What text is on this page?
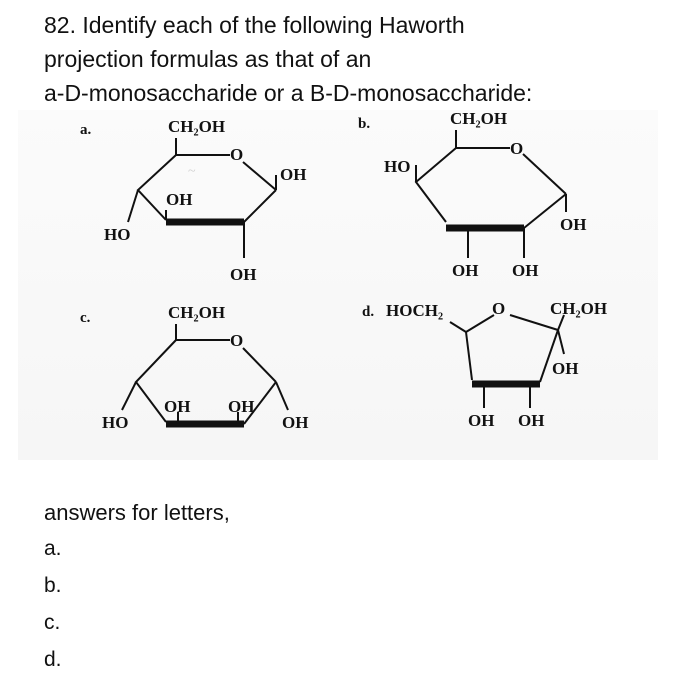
82. Identify each of the following Haworth
projection formulas as that of an
a-D-monosaccharide or a B-D-monosaccharide:
~
a.	CH₂OH
O
OH
OH
HO
OH
b.	CH₂OH
O
HO
OH
OH OH
c.	CH₂OH
O
HO
OH OH
OH
d. HOCH₂	O	CH₂OH
OH
OH OH

answers for letters,

a.
b.
c.
d.
